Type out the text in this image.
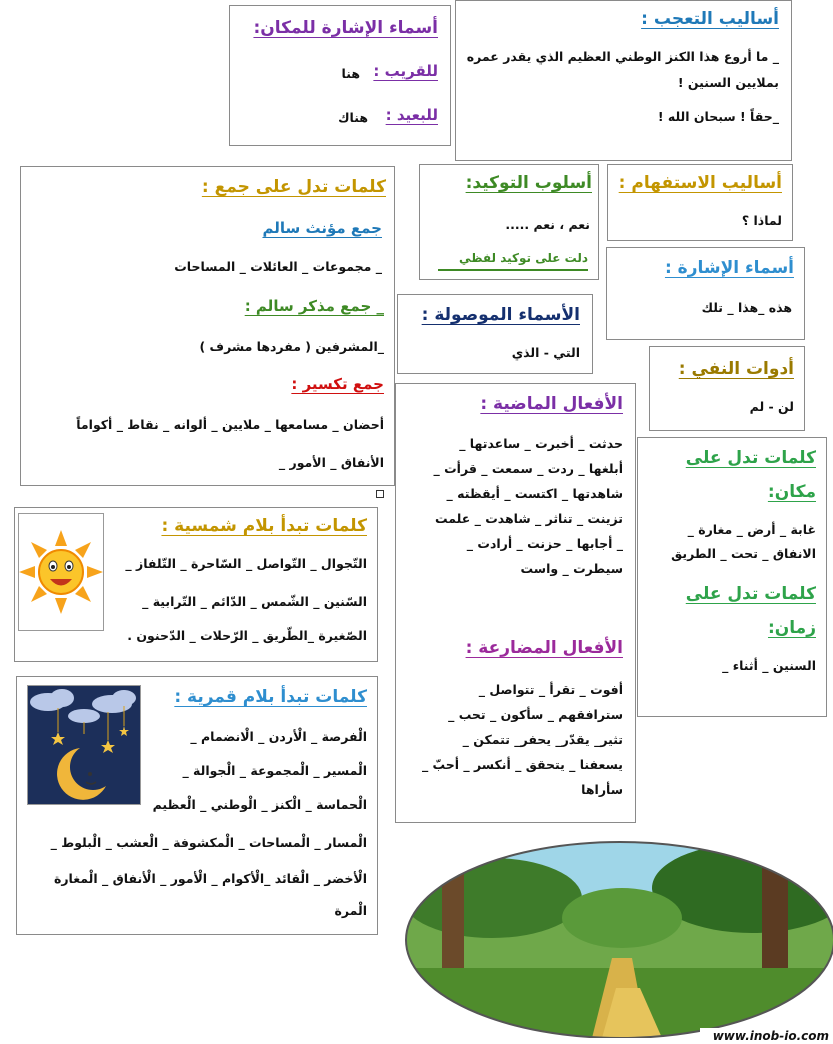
أسماء الإشارة للمكان:
للقريب :
هنا
للبعيد :
هناك
أساليب التعجب :
_ ما أروع هذا الكنز الوطني العظيم الذي يقدر عمره
بملايين السنين !
_حقاً ! سبحان الله !
كلمات تدل على جمع :
جمع مؤنث سالم
_ مجموعات _ العائلات _ المساحات
_ جمع مذكر سالم :
_المشرفين ( مفردها مشرف )
جمع تكسير :
أحضان _ مسامعها _ ملايين _ ألوانه _ نقاط _ أكواماً
الأنفاق _ الأمور _
أسلوب التوكيد:
نعم ، نعم .....
دلت على توكيد لفظي
أساليب الاستفهام :
لماذا ؟
أسماء الإشارة :
هذه _هذا _ تلك
الأسماء الموصولة :
التي - الذي
أدوات النفي :
لن - لم
الأفعال الماضية :
حدثت _ أخبرت _ ساعدتها _
أبلغها _ ردت _ سمعت _ قرأت _
شاهدتها _ اكتست _ أيقظته _
تزينت _ تناثر _ شاهدت _ علمت
_ أجابها _ حزنت _ أرادت _
سيطرت _ واست
الأفعال المضارعة :
أفوت _ تقرأ _ تتواصل _
سترافقهم _ سأكون _ تحب _
تثير_ يقدّر_ يحفر_ تتمكن _
يسعفنا _ يتحقق _ أنكسر _ أحبّ _
سأراها
كلمات تدل على
مكان:
غابة _ أرض _ مغارة _
الانفاق _ تحت _ الطريق
كلمات تدل على
زمان:
السنين _ أثناء _
كلمات تبدأ بلام شمسية :
التّجوال _ التّواصل _ السّاحرة _ التّلفاز _
السّنين _ الشّمس _ الدّائم _ التّرابية _
الصّغيرة _الطّريق _ الرّحلات _ الدّحنون .
كلمات تبدأ بلام قمرية :
الْفرصة _ الْأردن _ الْانضمام _
الْمسير _ الْمجموعة _ الْجوالة _
الْحماسة _ الْكنز _ الْوطني _ الْعظيم
الْمسار _ الْمساحات _ الْمكشوفة _ الْعشب _ الْبلوط _
الْأخضر _ الْقائد _الْأكوام _ الْأمور _ الْأنفاق _ الْمغارة
الْمرة
www.inob-io.com
